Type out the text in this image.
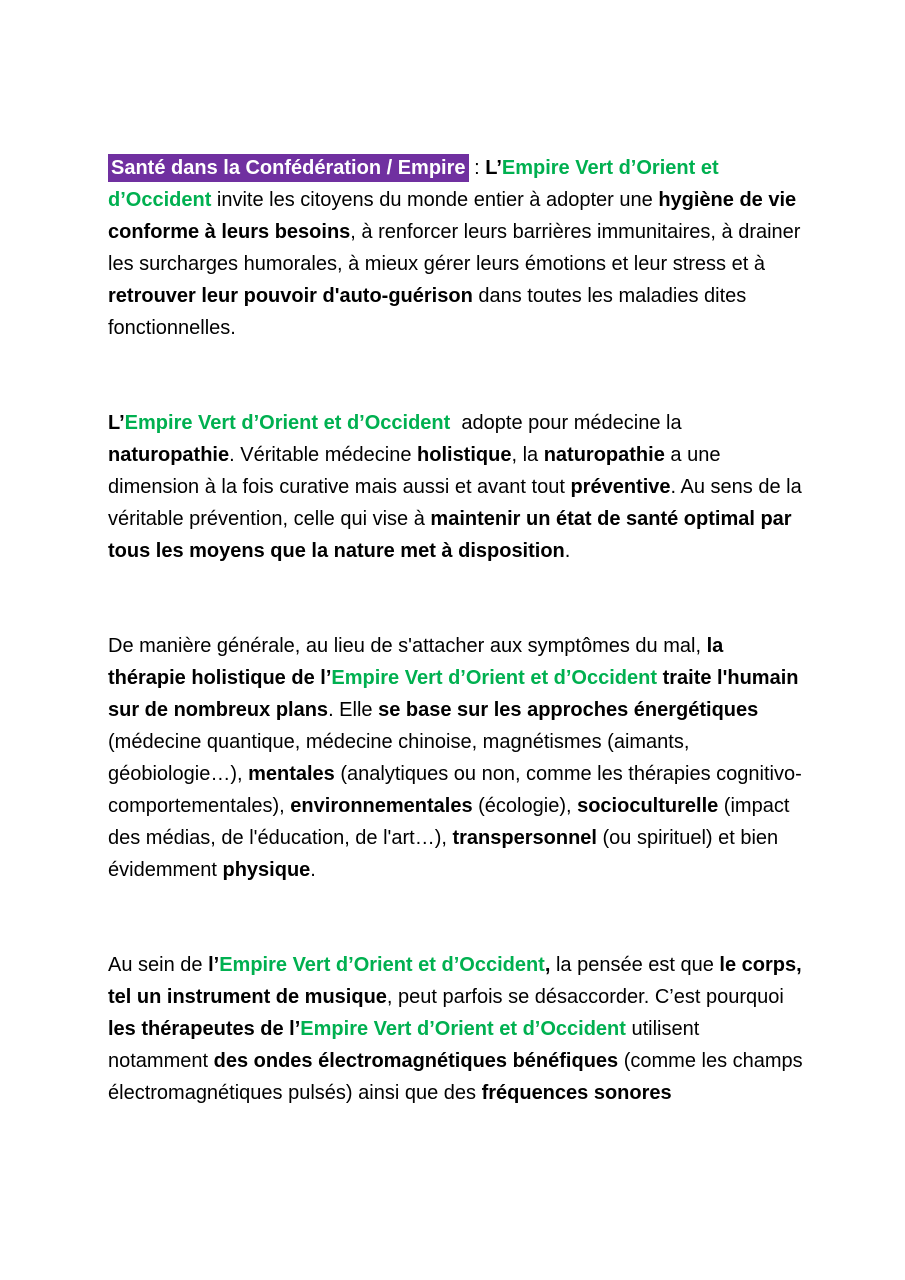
Santé dans la Confédération / Empire : L’Empire Vert d’Orient et d’Occident invite les citoyens du monde entier à adopter une hygiène de vie conforme à leurs besoins, à renforcer leurs barrières immunitaires, à drainer les surcharges humorales, à mieux gérer leurs émotions et leur stress et à retrouver leur pouvoir d'auto-guérison dans toutes les maladies dites fonctionnelles.

L’Empire Vert d’Orient et d’Occident  adopte pour médecine la naturopathie. Véritable médecine holistique, la naturopathie a une dimension à la fois curative mais aussi et avant tout préventive. Au sens de la véritable prévention, celle qui vise à maintenir un état de santé optimal par tous les moyens que la nature met à disposition.

De manière générale, au lieu de s'attacher aux symptômes du mal, la thérapie holistique de l’Empire Vert d’Orient et d’Occident traite l'humain sur de nombreux plans. Elle se base sur les approches énergétiques (médecine quantique, médecine chinoise, magnétismes (aimants, géobiologie…), mentales (analytiques ou non, comme les thérapies cognitivo-comportementales), environnementales (écologie), socioculturelle (impact des médias, de l'éducation, de l'art…), transpersonnel (ou spirituel) et bien évidemment physique.

Au sein de l’Empire Vert d’Orient et d’Occident, la pensée est que le corps, tel un instrument de musique, peut parfois se désaccorder. C’est pourquoi les thérapeutes de l’Empire Vert d’Orient et d’Occident utilisent notamment des ondes électromagnétiques bénéfiques (comme les champs électromagnétiques pulsés) ainsi que des fréquences sonores
